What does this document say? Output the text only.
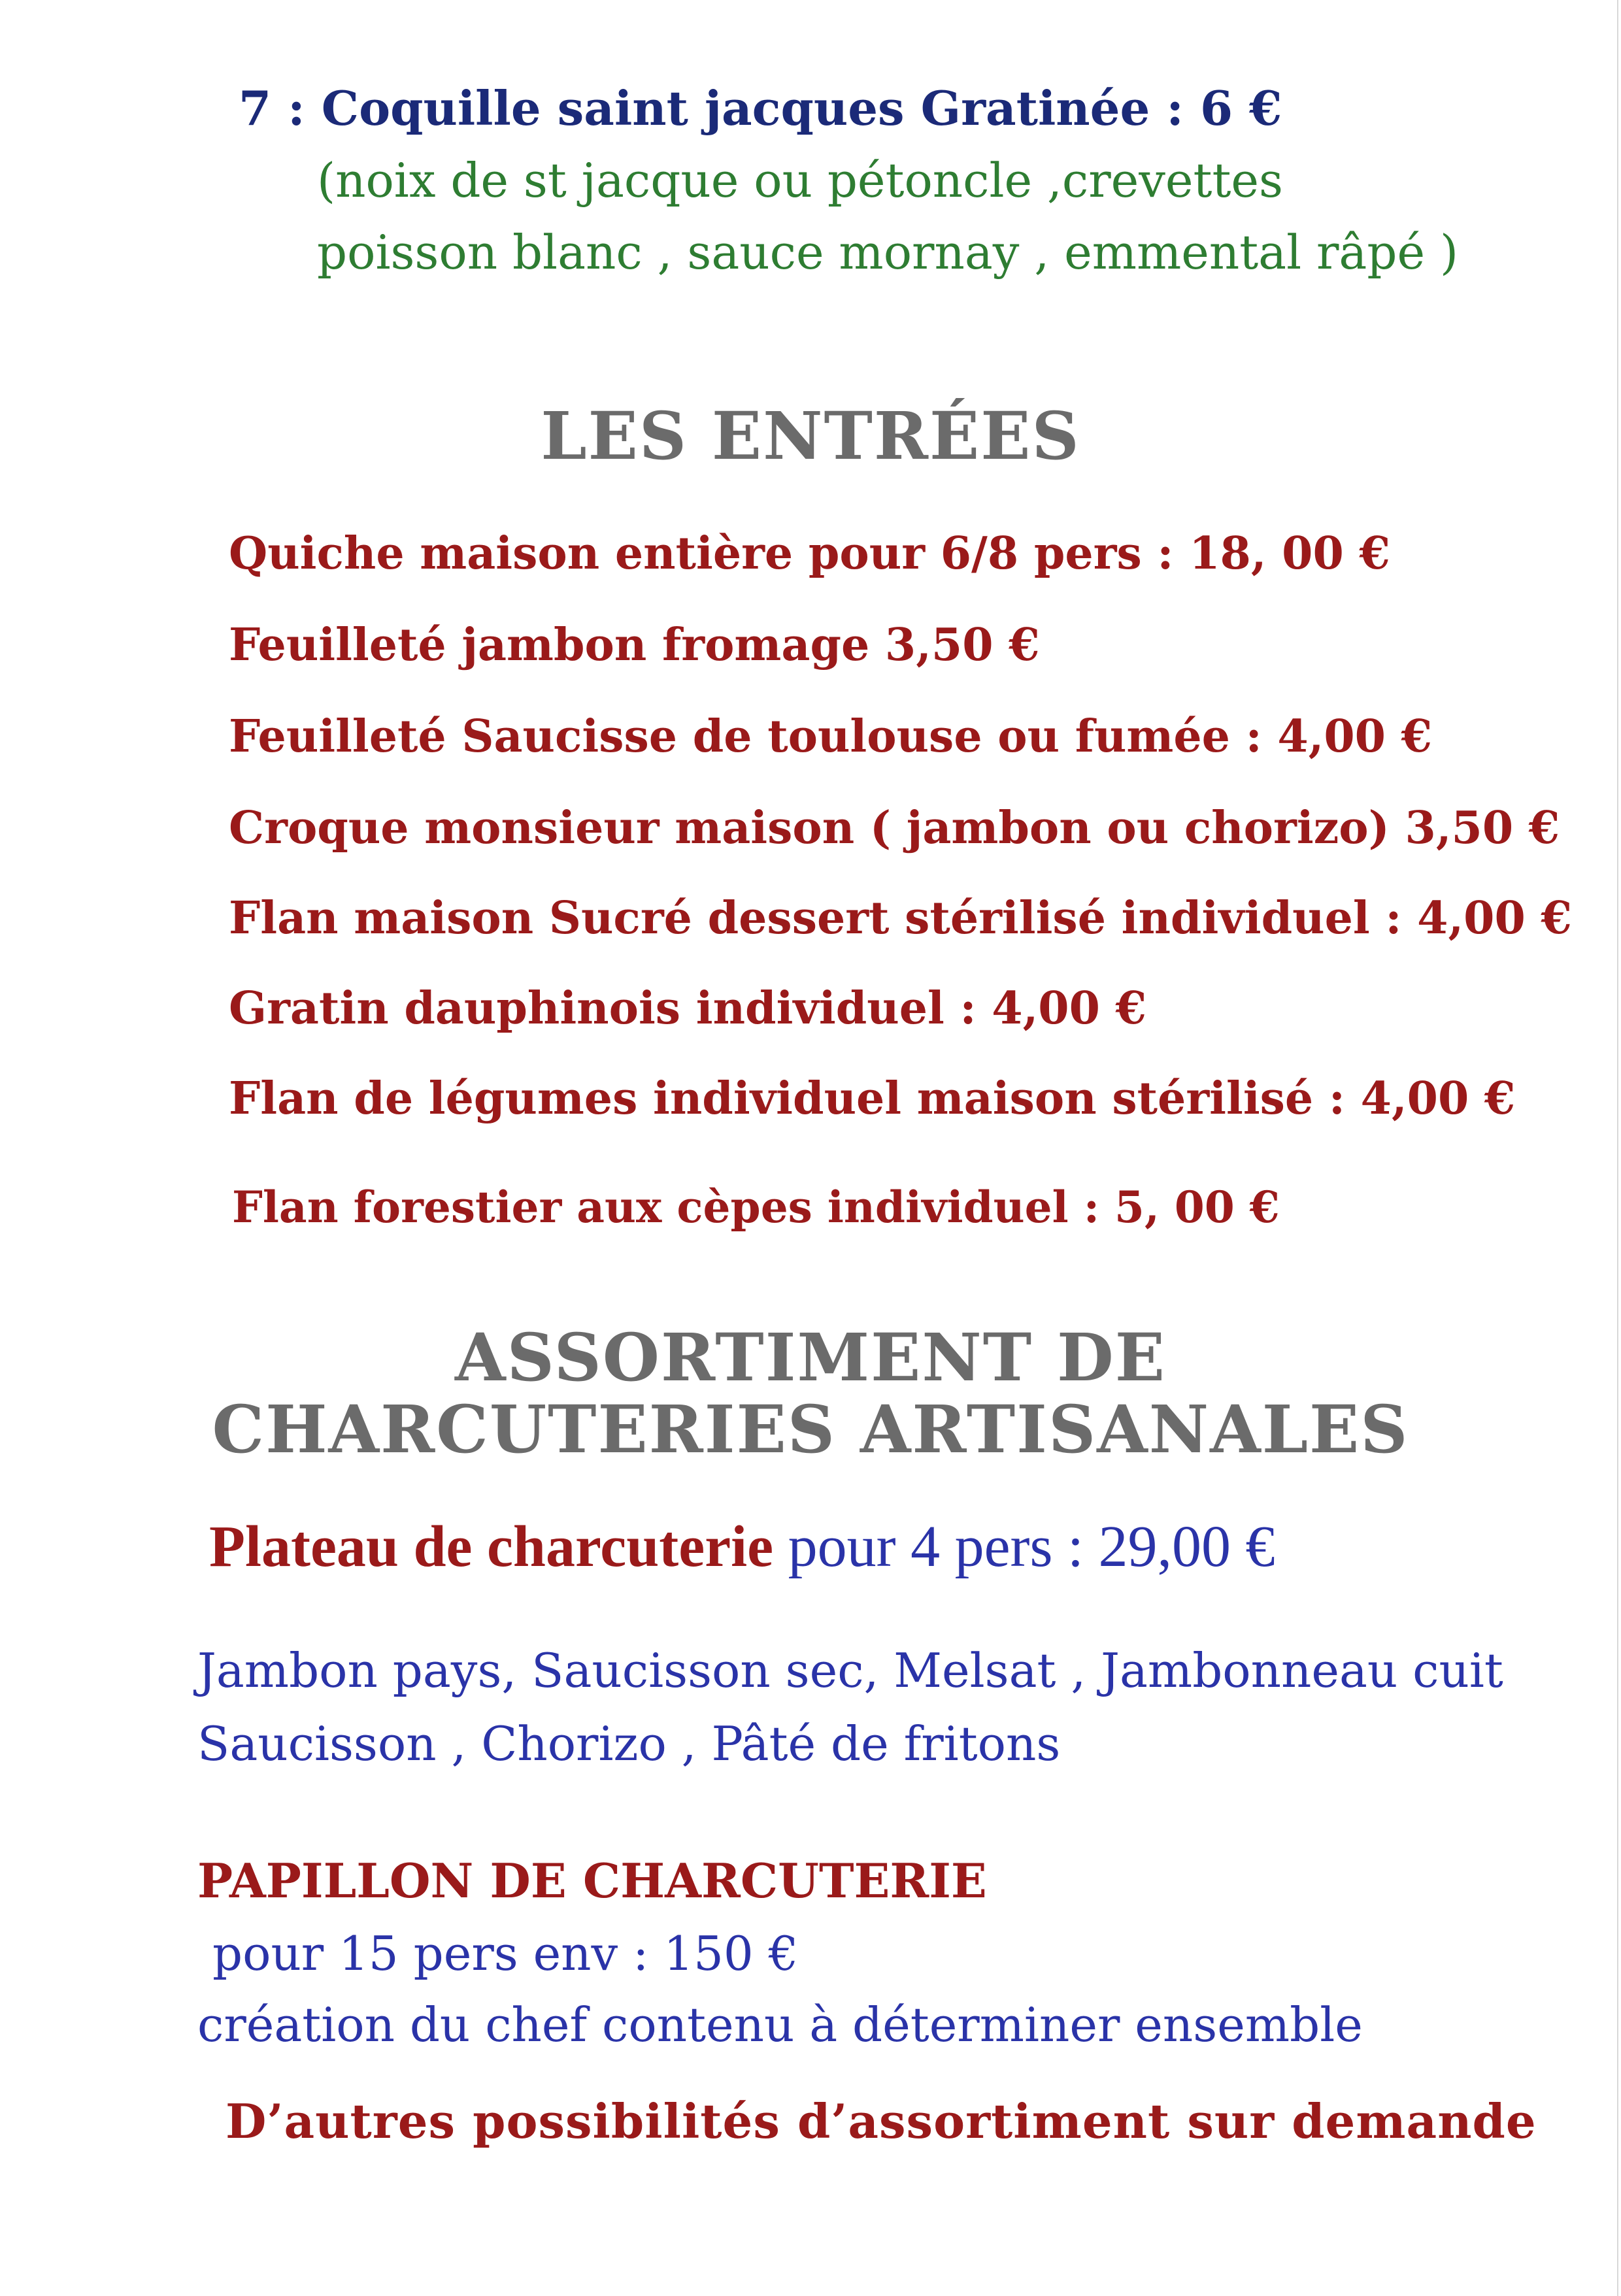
7 : Coquille saint jacques Gratinée : 6 €
(noix de st jacque ou pétoncle ,crevettes
poisson blanc , sauce mornay , emmental râpé )
LES ENTRÉES
Quiche maison entière pour 6/8 pers : 18, 00 €
Feuilleté jambon fromage 3,50 €
Feuilleté Saucisse de toulouse ou fumée : 4,00 €
Croque monsieur maison ( jambon ou chorizo) 3,50 €
Flan maison Sucré dessert stérilisé individuel : 4,00 €
Gratin dauphinois individuel : 4,00 €
Flan de légumes individuel maison stérilisé : 4,00 €
Flan forestier aux cèpes individuel : 5, 00 €
ASSORTIMENT DE
CHARCUTERIES ARTISANALES
Plateau de charcuterie pour 4 pers : 29,00 €
Jambon pays, Saucisson sec, Melsat , Jambonneau cuit
Saucisson , Chorizo , Pâté de fritons
PAPILLON DE CHARCUTERIE
pour 15 pers env : 150 €
création du chef contenu à déterminer ensemble
D’autres possibilités d’assortiment sur demande
